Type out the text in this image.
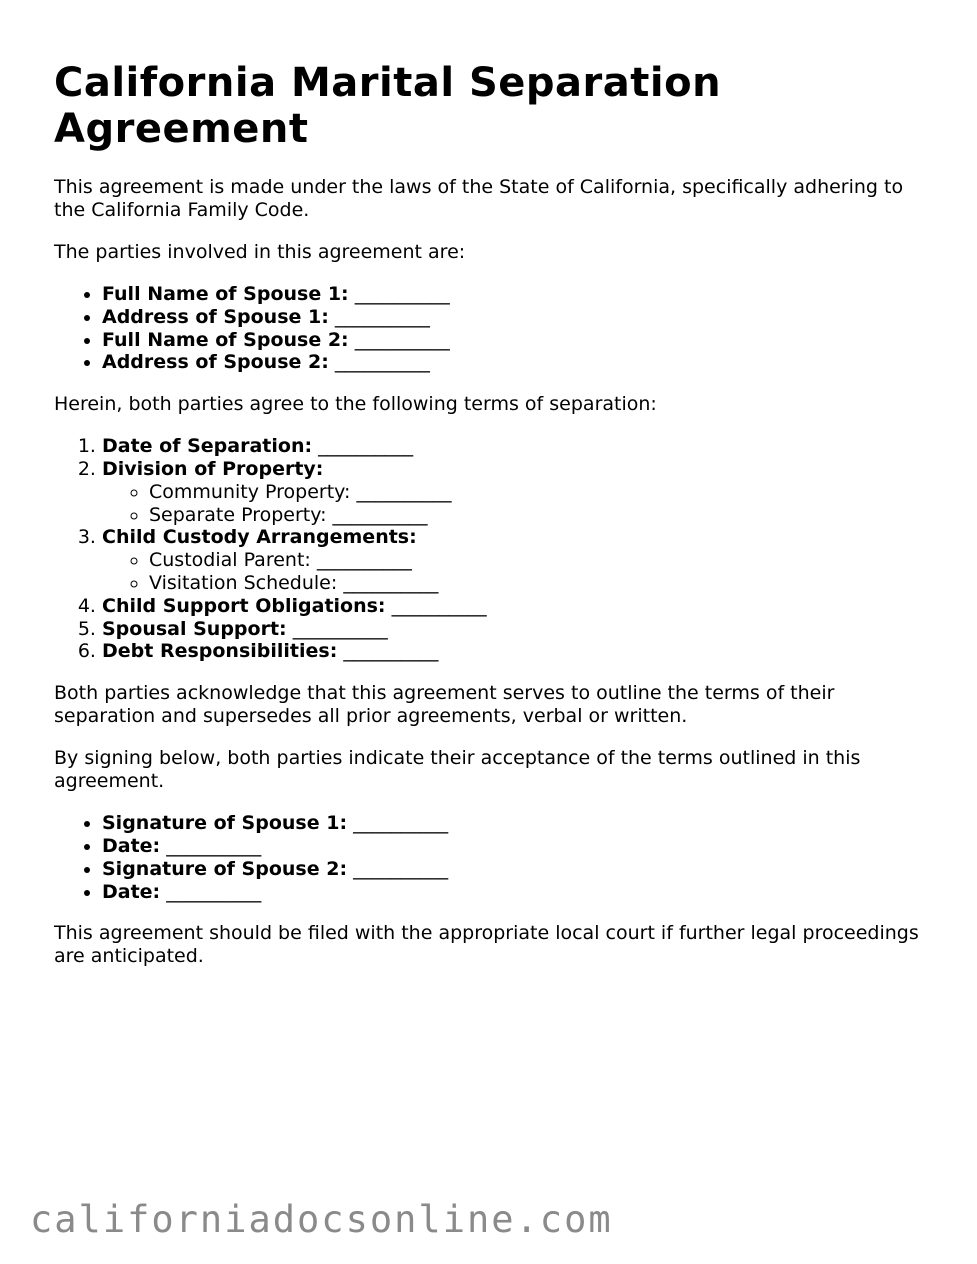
California Marital Separation Agreement

This agreement is made under the laws of the State of California, specifically adhering to the California Family Code.

The parties involved in this agreement are:

• Full Name of Spouse 1: __________
• Address of Spouse 1: __________
• Full Name of Spouse 2: __________
• Address of Spouse 2: __________

Herein, both parties agree to the following terms of separation:

1. Date of Separation: __________
2. Division of Property:
◦ Community Property: __________
◦ Separate Property: __________
3. Child Custody Arrangements:
◦ Custodial Parent: __________
◦ Visitation Schedule: __________
4. Child Support Obligations: __________
5. Spousal Support: __________
6. Debt Responsibilities: __________

Both parties acknowledge that this agreement serves to outline the terms of their separation and supersedes all prior agreements, verbal or written.

By signing below, both parties indicate their acceptance of the terms outlined in this agreement.

• Signature of Spouse 1: __________
• Date: __________
• Signature of Spouse 2: __________
• Date: __________

This agreement should be filed with the appropriate local court if further legal proceedings are anticipated.

californiadocsonline.com
